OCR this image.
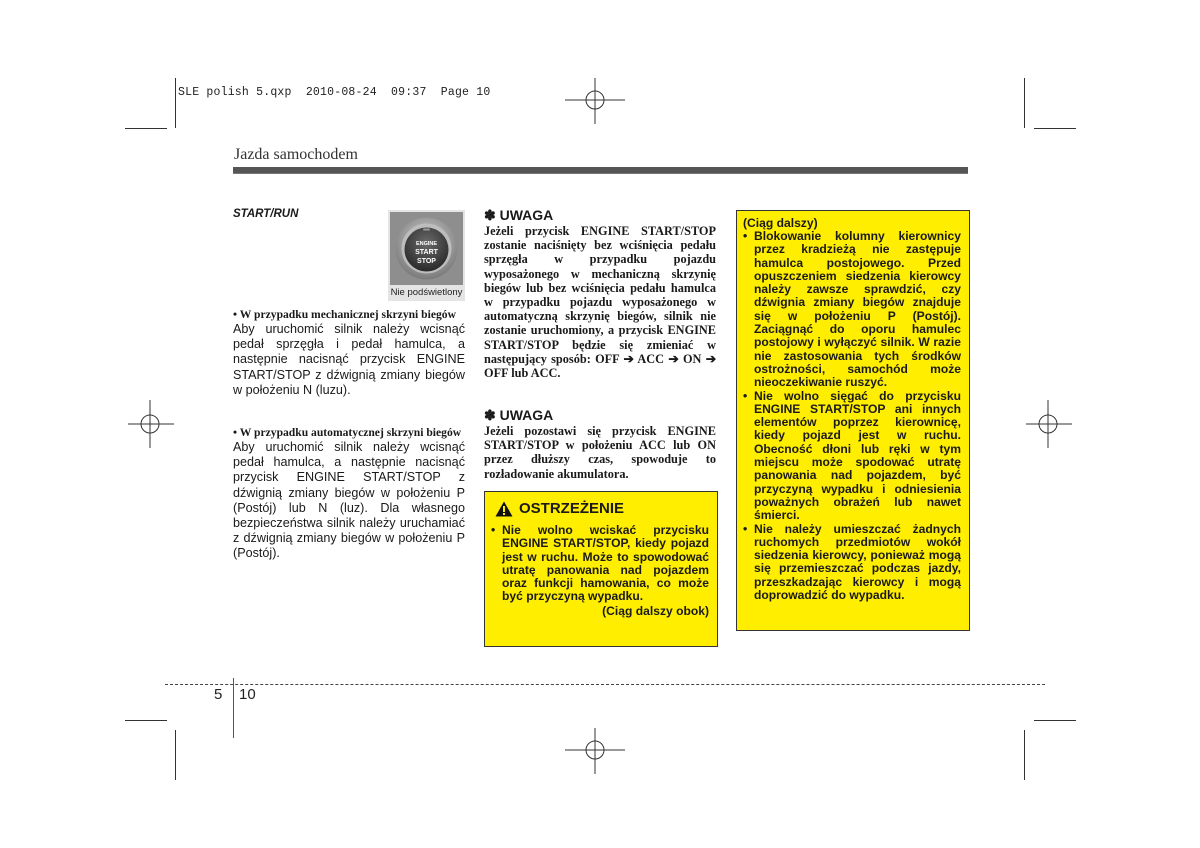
SLE polish 5.qxp  2010-08-24  09:37  Page 10
Jazda samochodem

START/RUN

ENGINE
START
STOP
Nie podświetlony

• W przypadku mechanicznej skrzyni biegów

Aby uruchomić silnik należy wcisnąć pedał sprzęgła i pedał hamulca, a następnie nacisnąć przycisk ENGINE START/STOP z dźwignią zmiany biegów w położeniu N (luzu).

• W przypadku automatycznej skrzyni biegów

Aby uruchomić silnik należy wcisnąć pedał hamulca, a następnie nacisnąć przycisk ENGINE START/STOP z dźwignią zmiany biegów w położeniu P (Postój) lub N (luz). Dla własnego bezpieczeństwa silnik należy uruchamiać z dźwignią zmiany biegów w położeniu P (Postój).

✽ UWAGA

Jeżeli przycisk ENGINE START/STOP zostanie naciśnięty bez wciśnięcia pedału sprzęgła w przypadku pojazdu wyposażonego w mechaniczną skrzynię biegów lub bez wciśnięcia pedału hamulca w przypadku pojazdu wyposażonego w automatyczną skrzynię biegów, silnik nie zostanie uruchomiony, a przycisk ENGINE START/STOP będzie się zmieniać w następujący sposób: OFF ➔ ACC ➔ ON ➔ OFF lub ACC.

✽ UWAGA

Jeżeli pozostawi się przycisk ENGINE START/STOP w położeniu ACC lub ON przez dłuższy czas, spowoduje to rozładowanie akumulatora.

OSTRZEŻENIE
• Nie wolno wciskać przycisku ENGINE START/STOP, kiedy pojazd jest w ruchu. Może to spowodować utratę panowania nad pojazdem oraz funkcji hamowania, co może być przyczyną wypadku.
(Ciąg dalszy obok)
(Ciąg dalszy)
• Blokowanie kolumny kierownicy przez kradzieżą nie zastępuje hamulca postojowego. Przed opuszczeniem siedzenia kierowcy należy zawsze sprawdzić, czy dźwignia zmiany biegów znajduje się w położeniu P (Postój). Zaciągnąć do oporu hamulec postojowy i wyłączyć silnik. W razie nie zastosowania tych środków ostrożności, samochód może nieoczekiwanie ruszyć.
• Nie wolno sięgać do przycisku ENGINE START/STOP ani innych elementów poprzez kierownicę, kiedy pojazd jest w ruchu. Obecność dłoni lub ręki w tym miejscu może spodować utratę panowania nad pojazdem, być przyczyną wypadku i odniesienia poważnych obrażeń lub nawet śmierci.
• Nie należy umieszczać żadnych ruchomych przedmiotów wokół siedzenia kierowcy, ponieważ mogą się przemieszczać podczas jazdy, przeszkadzając kierowcy i mogą doprowadzić do wypadku.
5 10
